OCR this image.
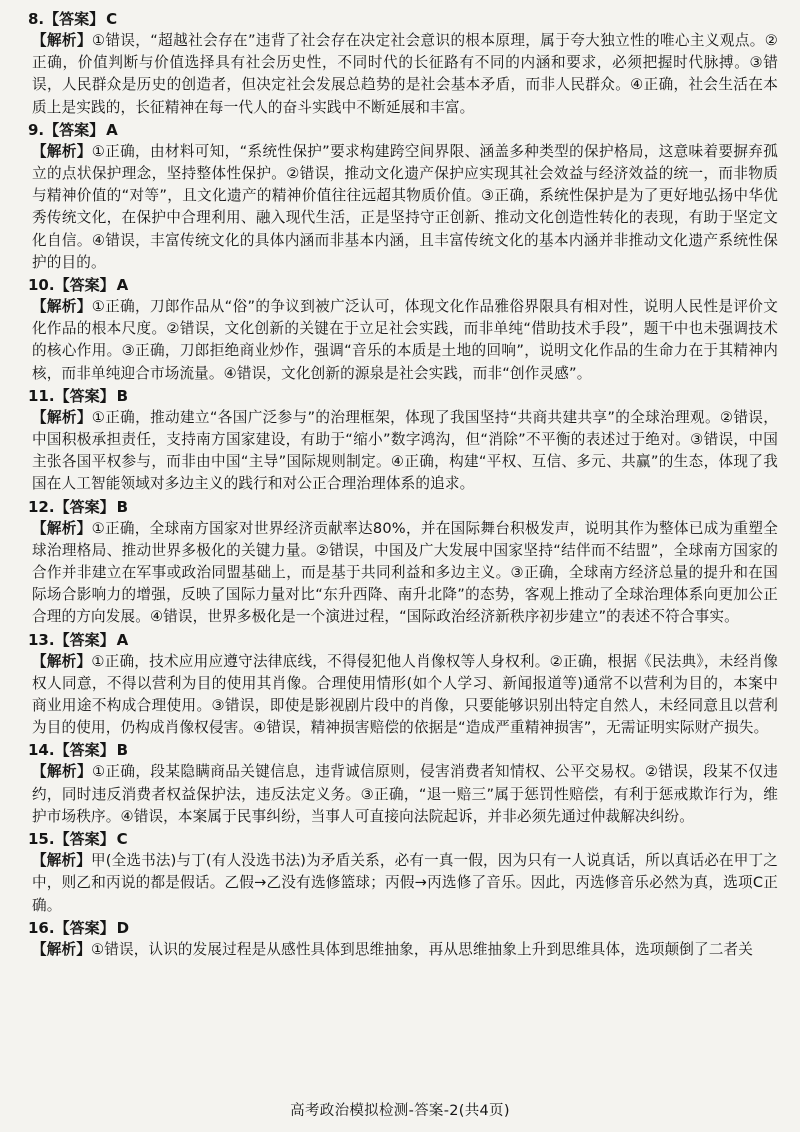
8.【答案】 C

【解析】①错误，“超越社会存在”违背了社会存在决定社会意识的根本原理，属于夸大独立性的唯心主义观点。②正确，价值判断与价值选择具有社会历史性，不同时代的长征路有不同的内涵和要求，必须把握时代脉搏。③错误，人民群众是历史的创造者，但决定社会发展总趋势的是社会基本矛盾，而非人民群众。④正确，社会生活在本质上是实践的，长征精神在每一代人的奋斗实践中不断延展和丰富。

9.【答案】 A

【解析】①正确，由材料可知，“系统性保护”要求构建跨空间界限、涵盖多种类型的保护格局，这意味着要摒弃孤立的点状保护理念，坚持整体性保护。②错误，推动文化遗产保护应实现其社会效益与经济效益的统一，而非物质与精神价值的“对等”，且文化遗产的精神价值往往远超其物质价值。③正确，系统性保护是为了更好地弘扬中华优秀传统文化，在保护中合理利用、融入现代生活，正是坚持守正创新、推动文化创造性转化的表现，有助于坚定文化自信。④错误，丰富传统文化的具体内涵而非基本内涵，且丰富传统文化的基本内涵并非推动文化遗产系统性保护的目的。

10.【答案】 A

【解析】①正确，刀郎作品从“俗”的争议到被广泛认可，体现文化作品雅俗界限具有相对性，说明人民性是评价文化作品的根本尺度。②错误，文化创新的关键在于立足社会实践，而非单纯“借助技术手段”，题干中也未强调技术的核心作用。③正确，刀郎拒绝商业炒作，强调“音乐的本质是土地的回响”，说明文化作品的生命力在于其精神内核，而非单纯迎合市场流量。④错误，文化创新的源泉是社会实践，而非“创作灵感”。

11.【答案】 B

【解析】①正确，推动建立“各国广泛参与”的治理框架，体现了我国坚持“共商共建共享”的全球治理观。②错误，中国积极承担责任，支持南方国家建设，有助于“缩小”数字鸿沟，但“消除”不平衡的表述过于绝对。③错误，中国主张各国平权参与，而非由中国“主导”国际规则制定。④正确，构建“平权、互信、多元、共赢”的生态，体现了我国在人工智能领域对多边主义的践行和对公正合理治理体系的追求。

12.【答案】 B

【解析】①正确，全球南方国家对世界经济贡献率达80%，并在国际舞台积极发声，说明其作为整体已成为重塑全球治理格局、推动世界多极化的关键力量。②错误，中国及广大发展中国家坚持“结伴而不结盟”，全球南方国家的合作并非建立在军事或政治同盟基础上，而是基于共同利益和多边主义。③正确，全球南方经济总量的提升和在国际场合影响力的增强，反映了国际力量对比“东升西降、南升北降”的态势，客观上推动了全球治理体系向更加公正合理的方向发展。④错误，世界多极化是一个演进过程，“国际政治经济新秩序初步建立”的表述不符合事实。

13.【答案】 A

【解析】①正确，技术应用应遵守法律底线，不得侵犯他人肖像权等人身权利。②正确，根据《民法典》，未经肖像权人同意，不得以营利为目的使用其肖像。合理使用情形(如个人学习、新闻报道等)通常不以营利为目的，本案中商业用途不构成合理使用。③错误，即使是影视剧片段中的肖像，只要能够识别出特定自然人，未经同意且以营利为目的使用，仍构成肖像权侵害。④错误，精神损害赔偿的依据是“造成严重精神损害”，无需证明实际财产损失。

14.【答案】 B

【解析】①正确，段某隐瞒商品关键信息，违背诚信原则，侵害消费者知情权、公平交易权。②错误，段某不仅违约，同时违反消费者权益保护法，违反法定义务。③正确，“退一赔三”属于惩罚性赔偿，有利于惩戒欺诈行为，维护市场秩序。④错误，本案属于民事纠纷，当事人可直接向法院起诉，并非必须先通过仲裁解决纠纷。

15.【答案】 C

【解析】甲(全选书法)与丁(有人没选书法)为矛盾关系，必有一真一假，因为只有一人说真话，所以真话必在甲丁之中，则乙和丙说的都是假话。乙假→乙没有选修篮球；丙假→丙选修了音乐。因此，丙选修音乐必然为真，选项C正确。

16.【答案】 D

【解析】①错误，认识的发展过程是从感性具体到思维抽象，再从思维抽象上升到思维具体，选项颠倒了二者关

高考政治模拟检测-答案-2(共4页)
